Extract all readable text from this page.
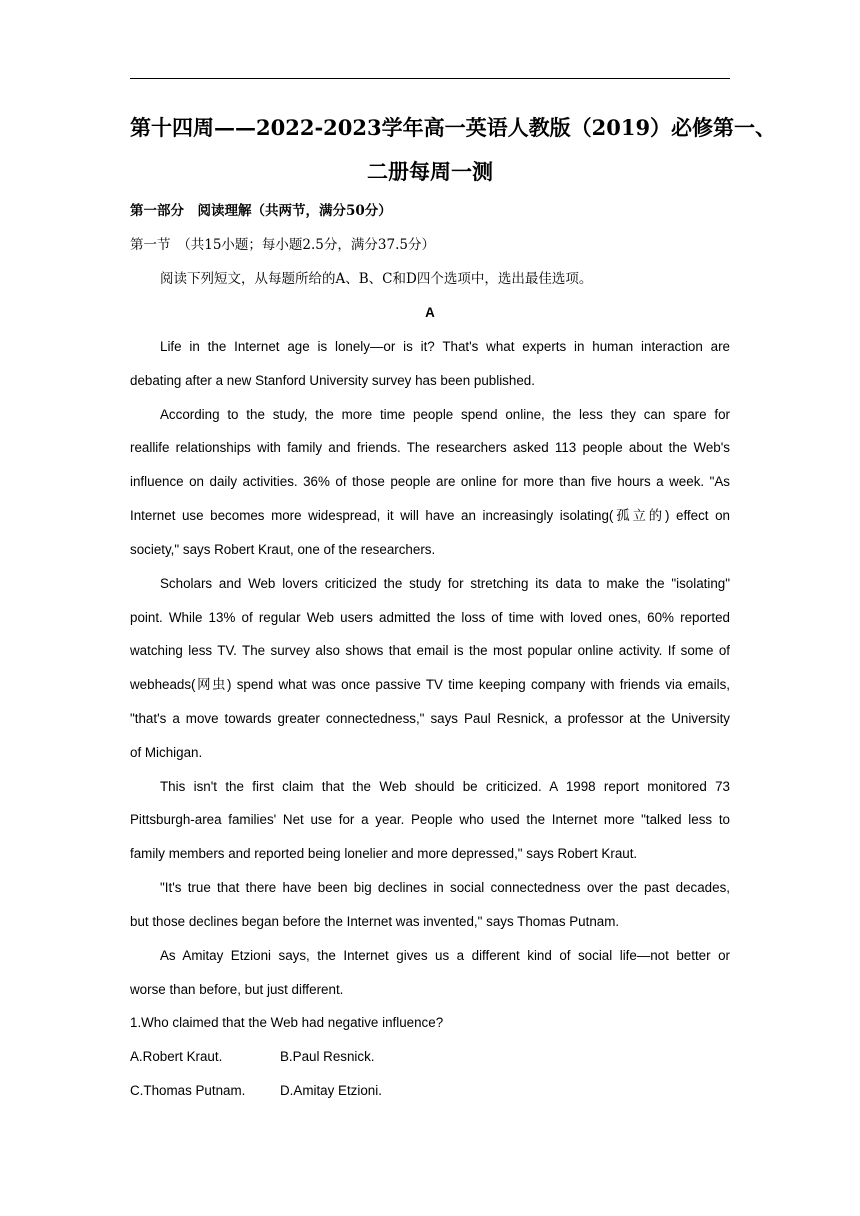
第十四周——2022-2023学年高一英语人教版（2019）必修第一、
二册每周一测
第一部分　阅读理解（共两节，满分50分）
第一节　（共15小题；每小题2.5分，满分37.5分）
阅读下列短文，从每题所给的A、B、C和D四个选项中，选出最佳选项。
A
Life in the Internet age is lonely—or is it? That's what experts in human interaction are
debating after a new Stanford University survey has been published.
According to the study, the more time people spend online, the less they can spare for
reallife relationships with family and friends. The researchers asked 113 people about the Web's
influence on daily activities. 36% of those people are online for more than five hours a week. "As
Internet use becomes more widespread, it will have an increasingly isolating(孤立的) effect on
society," says Robert Kraut, one of the researchers.
Scholars and Web lovers criticized the study for stretching its data to make the "isolating"
point. While 13% of regular Web users admitted the loss of time with loved ones, 60% reported
watching less TV. The survey also shows that email is the most popular online activity. If some of
webheads(网虫) spend what was once passive TV time keeping company with friends via emails,
"that's a move towards greater connectedness," says Paul Resnick, a professor at the University
of Michigan.
This isn't the first claim that the Web should be criticized. A 1998 report monitored 73
Pittsburgh-area families' Net use for a year. People who used the Internet more "talked less to
family members and reported being lonelier and more depressed," says Robert Kraut.
"It's true that there have been big declines in social connectedness over the past decades,
but those declines began before the Internet was invented," says Thomas Putnam.
As Amitay Etzioni says, the Internet gives us a different kind of social life—not better or
worse than before, but just different.
1.Who claimed that the Web had negative influence?
A.Robert Kraut.	B.Paul Resnick.
C.Thomas Putnam.	D.Amitay Etzioni.
